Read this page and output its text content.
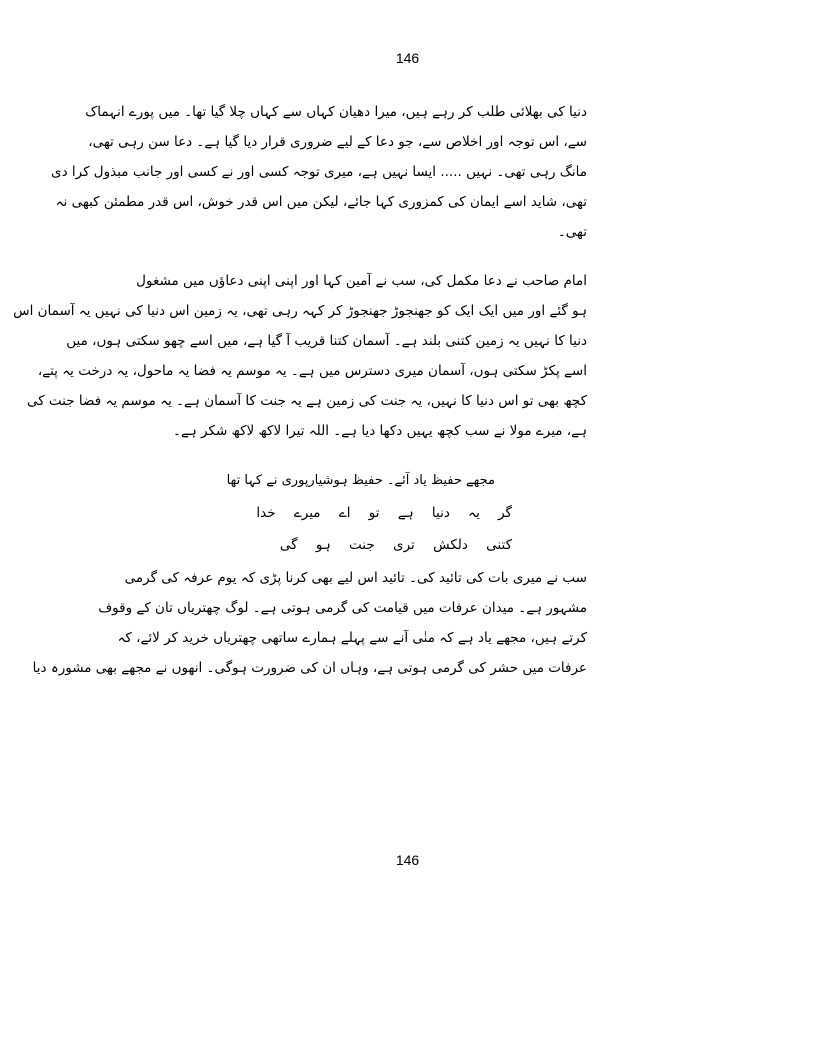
146
دنیا کی بھلائی طلب کر رہے ہیں، میرا دھیان کہاں سے کہاں چلا گیا تھا۔ میں پورے انہماک
سے، اس توجہ اور اخلاص سے، جو دعا کے لیے ضروری قرار دیا گیا ہے۔ دعا سن رہی تھی،
مانگ رہی تھی۔ نہیں ..... ایسا نہیں ہے، میری توجہ کسی اور نے کسی اور جانب مبذول کرا دی
تھی، شاید اسے ایمان کی کمزوری کہا جائے، لیکن میں اس قدر خوش، اس قدر مطمئن کبھی نہ
تھی۔
امام صاحب نے دعا مکمل کی، سب نے آمین کہا اور اپنی اپنی دعاؤں میں مشغول
ہو گئے اور میں ایک ایک کو جھنجوڑ جھنجوڑ کر کہہ رہی تھی، یہ زمین اس دنیا کی نہیں یہ آسمان اس
دنیا کا نہیں یہ زمین کتنی بلند ہے۔ آسمان کتنا قریب آ گیا ہے، میں اسے چھو سکتی ہوں، میں
اسے پکڑ سکتی ہوں، آسمان میری دسترس میں ہے۔ یہ موسم یہ فضا یہ ماحول، یہ درخت یہ پتے،
کچھ بھی تو اس دنیا کا نہیں، یہ جنت کی زمین ہے یہ جنت کا آسمان ہے۔ یہ موسم یہ فضا جنت کی
ہے، میرے مولا نے سب کچھ یہیں دکھا دیا ہے۔ اللہ تیرا لاکھ لاکھ شکر ہے۔
مجھے حفیظ یاد آئے۔ حفیظ ہوشیارپوری نے کہا تھا
گر یہ دنیا ہے تو اے میرے خدا
کتنی دلکش تری جنت ہو گی
سب نے میری بات کی تائید کی۔ تائید اس لیے بھی کرنا پڑی کہ یوم عرفہ کی گرمی
مشہور ہے۔ میدان عرفات میں قیامت کی گرمی ہوتی ہے۔ لوگ چھتریاں تان کے وقوف
کرتے ہیں، مجھے یاد ہے کہ منٰی آنے سے پہلے ہمارے ساتھی چھتریاں خرید کر لائے، کہ
عرفات میں حشر کی گرمی ہوتی ہے، وہاں ان کی ضرورت ہوگی۔ انھوں نے مجھے بھی مشورہ دیا
146
